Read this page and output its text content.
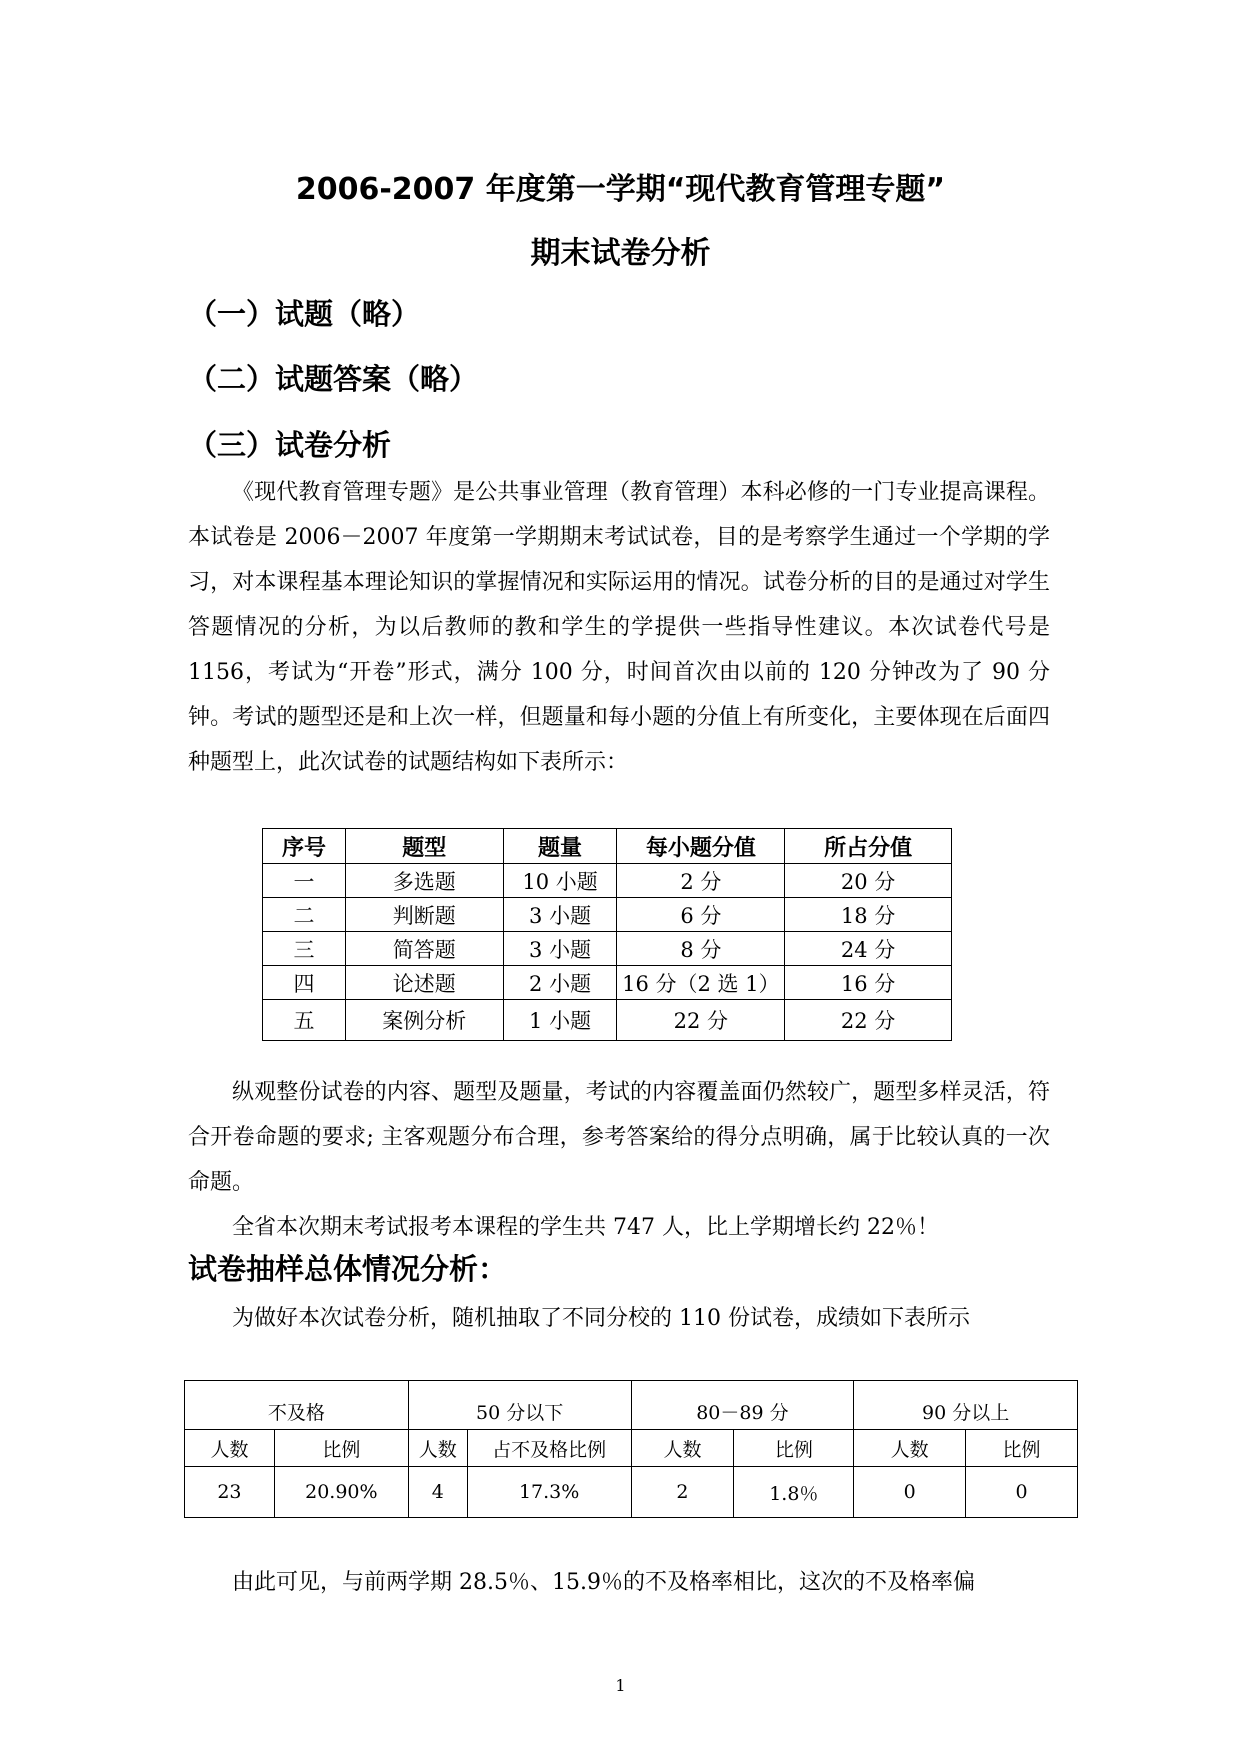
2006-2007 年度第一学期“现代教育管理专题”
期末试卷分析
（一）试题（略）
（二）试题答案（略）
（三）试卷分析

《现代教育管理专题》是公共事业管理（教育管理）本科必修的一门专业提高课程。本试卷是 2006－2007 年度第一学期期末考试试卷，目的是考察学生通过一个学期的学习，对本课程基本理论知识的掌握情况和实际运用的情况。试卷分析的目的是通过对学生答题情况的分析，为以后教师的教和学生的学提供一些指导性建议。本次试卷代号是 1156，考试为“开卷”形式，满分 100 分，时间首次由以前的 120 分钟改为了 90 分钟。考试的题型还是和上次一样，但题量和每小题的分值上有所变化，主要体现在后面四种题型上，此次试卷的试题结构如下表所示：

序号	题型	题量	每小题分值	所占分值
一	多选题	10 小题	2 分	20 分
二	判断题	3 小题	6 分	18 分
三	简答题	3 小题	8 分	24 分
四	论述题	2 小题	16 分（2 选 1）	16 分
五	案例分析	1 小题	22 分	22 分

纵观整份试卷的内容、题型及题量，考试的内容覆盖面仍然较广，题型多样灵活，符合开卷命题的要求; 主客观题分布合理，参考答案给的得分点明确，属于比较认真的一次命题。

全省本次期末考试报考本课程的学生共 747 人，比上学期增长约 22％！

试卷抽样总体情况分析：

为做好本次试卷分析，随机抽取了不同分校的 110 份试卷，成绩如下表所示

不及格		50 分以下		80－89 分		90 分以上	
人数	比例	人数	占不及格比例	人数	比例	人数	比例
23	20.90%	4	17.3%	2	1.8％	0	0

由此可见，与前两学期 28.5％、15.9％的不及格率相比，这次的不及格率偏

1
